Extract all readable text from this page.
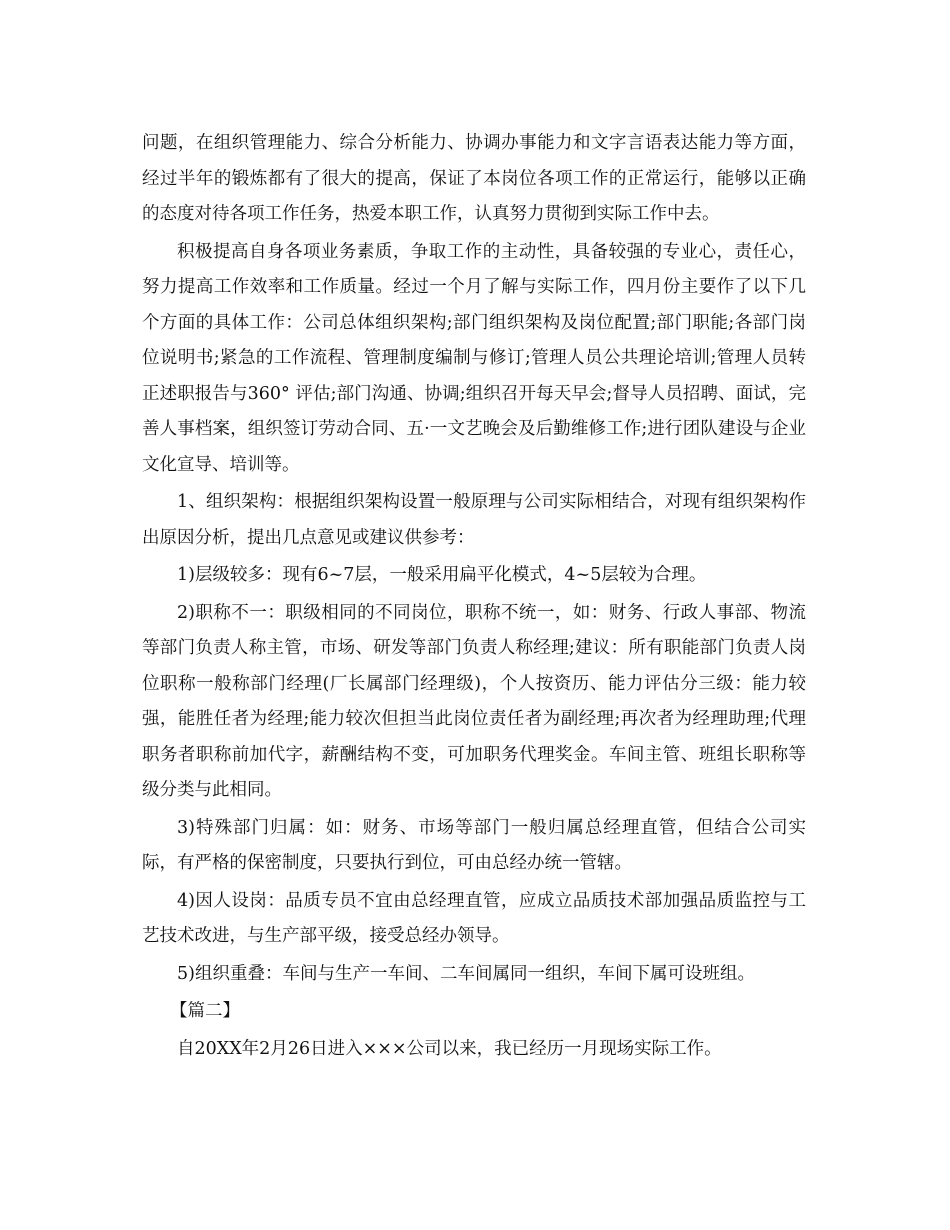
问题，在组织管理能力、综合分析能力、协调办事能力和文字言语表达能力等方面，经过半年的锻炼都有了很大的提高，保证了本岗位各项工作的正常运行，能够以正确的态度对待各项工作任务，热爱本职工作，认真努力贯彻到实际工作中去。

积极提高自身各项业务素质，争取工作的主动性，具备较强的专业心，责任心，努力提高工作效率和工作质量。经过一个月了解与实际工作，四月份主要作了以下几个方面的具体工作：公司总体组织架构;部门组织架构及岗位配置;部门职能;各部门岗位说明书;紧急的工作流程、管理制度编制与修订;管理人员公共理论培训;管理人员转正述职报告与360° 评估;部门沟通、协调;组织召开每天早会;督导人员招聘、面试，完善人事档案，组织签订劳动合同、五·一文艺晚会及后勤维修工作;进行团队建设与企业文化宣导、培训等。

1、组织架构：根据组织架构设置一般原理与公司实际相结合，对现有组织架构作出原因分析，提出几点意见或建议供参考：

1)层级较多：现有6~7层，一般采用扁平化模式，4~5层较为合理。

2)职称不一：职级相同的不同岗位，职称不统一，如：财务、行政人事部、物流等部门负责人称主管，市场、研发等部门负责人称经理;建议：所有职能部门负责人岗位职称一般称部门经理(厂长属部门经理级)，个人按资历、能力评估分三级：能力较强，能胜任者为经理;能力较次但担当此岗位责任者为副经理;再次者为经理助理;代理职务者职称前加代字，薪酬结构不变，可加职务代理奖金。车间主管、班组长职称等级分类与此相同。

3)特殊部门归属：如：财务、市场等部门一般归属总经理直管，但结合公司实际，有严格的保密制度，只要执行到位，可由总经办统一管辖。

4)因人设岗：品质专员不宜由总经理直管，应成立品质技术部加强品质监控与工艺技术改进，与生产部平级，接受总经办领导。

5)组织重叠：车间与生产一车间、二车间属同一组织，车间下属可设班组。

【篇二】

自20XX年2月26日进入×××公司以来，我已经历一月现场实际工作。
